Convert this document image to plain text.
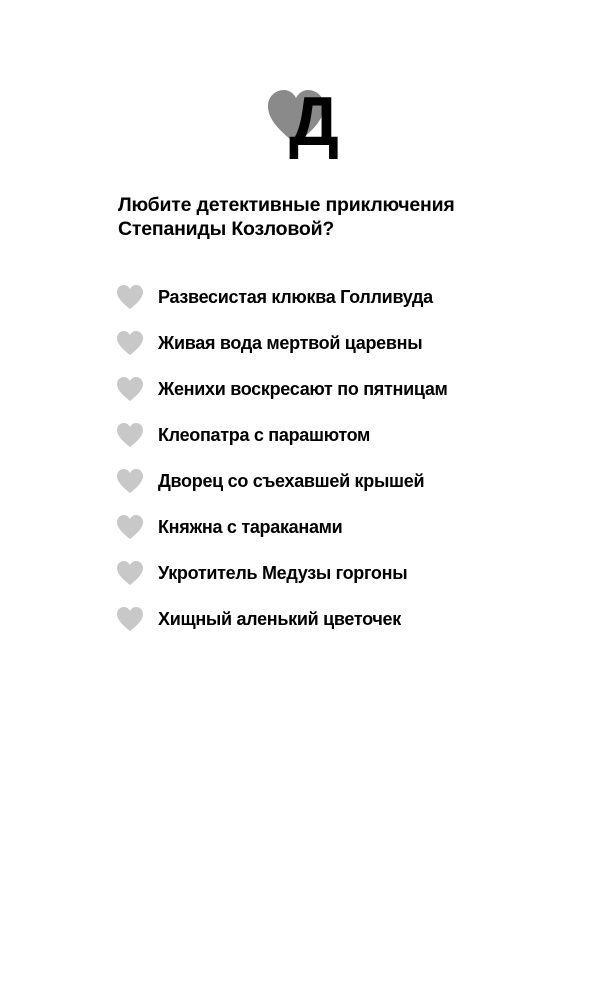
Д
Любите детективные приключения
Степаниды Козловой?
Развесистая клюква Голливуда
Живая вода мертвой царевны
Женихи воскресают по пятницам
Клеопатра с парашютом
Дворец со съехавшей крышей
Княжна с тараканами
Укротитель Медузы горгоны
Хищный аленький цветочек
